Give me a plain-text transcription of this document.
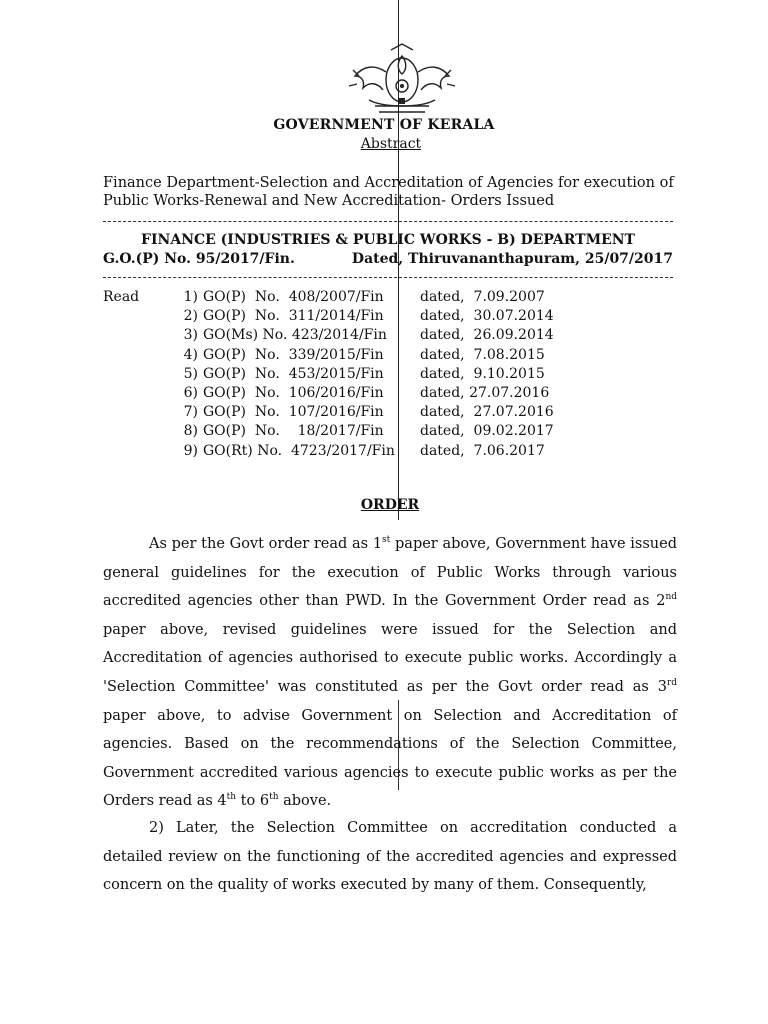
GOVERNMENT OF KERALA
Abstract
Finance Department-Selection and Accreditation of Agencies for execution of Public Works-Renewal and New Accreditation- Orders Issued
FINANCE (INDUSTRIES & PUBLIC WORKS - B) DEPARTMENT
G.O.(P) No. 95/2017/Fin.	Dated, Thiruvananthapuram, 25/07/2017
Read	1) GO(P)  No.  408/2007/Fin	dated,  7.09.2007
2) GO(P)  No.  311/2014/Fin	dated,  30.07.2014
3) GO(Ms) No. 423/2014/Fin dated,  26.09.2014
4) GO(P)  No.  339/2015/Fin	dated,  7.08.2015
5) GO(P)  No.  453/2015/Fin	dated,  9.10.2015
6) GO(P)  No.  106/2016/Fin	dated, 27.07.2016
7) GO(P)  No.  107/2016/Fin	dated,  27.07.2016
8) GO(P)  No.    18/2017/Fin	dated,  09.02.2017
9) GO(Rt) No.  4723/2017/Fin dated,  7.06.2017
ORDER
As per the Govt order read as 1st paper above, Government have issued general guidelines for the execution of Public Works through various accredited agencies other than PWD. In the Government Order read as 2nd paper above, revised guidelines were issued for the Selection and Accreditation of agencies authorised to execute public works. Accordingly a 'Selection Committee' was constituted as per the Govt order read as 3rd paper above, to advise Government on Selection and Accreditation of agencies. Based on the recommendations of the Selection Committee, Government accredited various agencies to execute public works as per the Orders read as 4th to 6th above.
2) Later, the Selection Committee on accreditation conducted a detailed review on the functioning of the accredited agencies and expressed concern on the quality of works executed by many of them. Consequently,
